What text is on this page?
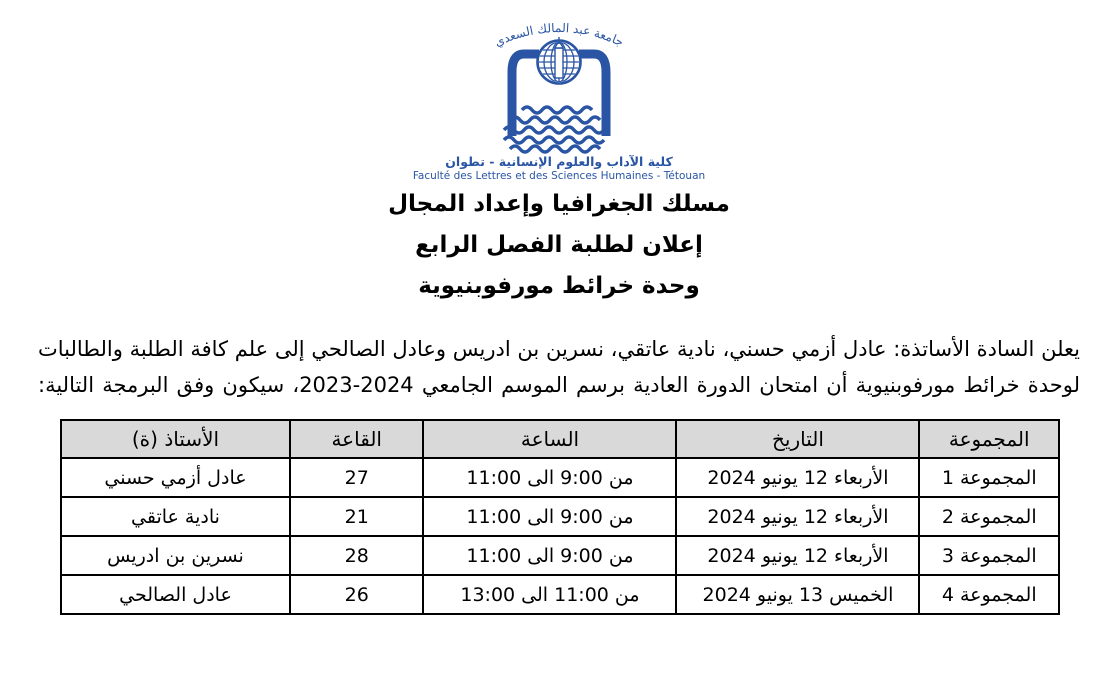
جامعة عبد المالك السعدي
كلية الآداب والعلوم الإنسانية - تطوان
Faculté des Lettres et des Sciences Humaines - Tétouan
مسلك الجغرافيا وإعداد المجال
إعلان لطلبة الفصل الرابع
وحدة خرائط مورفوبنيوية
يعلن السادة الأساتذة: عادل أزمي حسني، نادية عاتقي، نسرين بن ادريس وعادل الصالحي إلى علم كافة الطلبة والطالبات
لوحدة خرائط مورفوبنيوية أن امتحان الدورة العادية برسم الموسم الجامعي 2024-2023، سيكون وفق البرمجة التالية:
المجموعة	التاريخ	الساعة	القاعة	الأستاذ (ة)
المجموعة 1	الأربعاء 12 يونيو 2024	من 9:00 الى 11:00	27	عادل أزمي حسني
المجموعة 2	الأربعاء 12 يونيو 2024	من 9:00 الى 11:00	21	نادية عاتقي
المجموعة 3	الأربعاء 12 يونيو 2024	من 9:00 الى 11:00	28	نسرين بن ادريس
المجموعة 4	الخميس 13 يونيو 2024	من 11:00 الى 13:00	26	عادل الصالحي
